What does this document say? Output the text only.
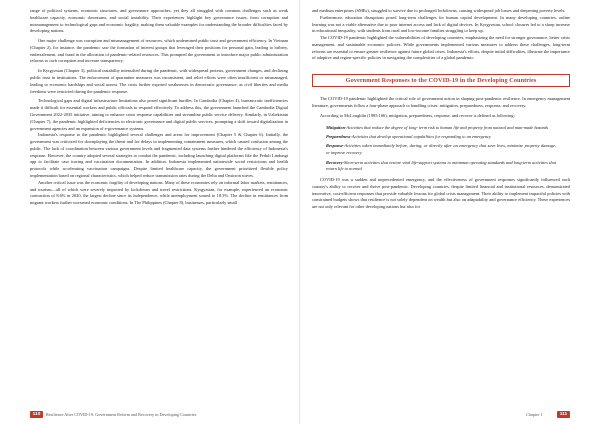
range of political systems, economic structures, and governance approaches, yet they all struggled with common challenges such as weak healthcare capacity, economic downturns, and social instability. Their experiences highlight key governance issues, from corruption and mismanagement to technological gaps and economic fragility, making them valuable examples for understanding the broader difficulties faced by developing nations.

One major challenge was corruption and mismanagement of resources, which undermined public trust and government efficiency. In Vietnam (Chapter 2), for instance, the pandemic saw the formation of interest groups that leveraged their positions for personal gain, leading to bribery, embezzlement, and fraud in the allocation of pandemic-related resources. This prompted the government to introduce major public administration reforms to curb corruption and increase transparency.

In Kyrgyzstan (Chapter 3), political instability intensified during the pandemic, with widespread protests, government changes, and declining public trust in institutions. The enforcement of quarantine measures was inconsistent, and relief efforts were often insufficient or mismanaged, leading to economic hardships and social unrest. The crisis further exposed weaknesses in democratic governance, as civil liberties and media freedoms were restricted during the pandemic response.

Technological gaps and digital infrastructure limitations also posed significant hurdles. In Cambodia (Chapter 4), bureaucratic inefficiencies made it difficult for essential workers and public officials to respond effectively. To address this, the government launched the Cambodia Digital Government 2022-2035 initiative, aiming to enhance crisis response capabilities and streamline public service delivery. Similarly, in Uzbekistan (Chapter 7), the pandemic highlighted deficiencies in electronic governance and digital public services, prompting a shift toward digitalization in government agencies and an expansion of e-governance systems.

Indonesia's response to the pandemic highlighted several challenges and areas for improvement (Chapter 5 & Chapter 6). Initially, the government was criticized for downplaying the threat and for delays in implementing containment measures, which caused confusion among the public. The lack of coordination between various government levels and fragmented data systems further hindered the efficiency of Indonesia's response. However, the country adopted several strategies to combat the pandemic, including launching digital platforms like the Peduli Lindungi app to facilitate case tracing and vaccination documentation. In addition, Indonesia implemented nationwide social restrictions and health protocols while accelerating vaccination campaigns. Despite limited healthcare capacity, the government prioritized flexible policy implementation based on regional characteristics, which helped reduce transmission rates during the Delta and Omicron waves.

Another critical issue was the economic fragility of developing nations. Many of these economies rely on informal labor markets, remittances, and tourism—all of which were severely impacted by lockdowns and travel restrictions. Kyrgyzstan, for example, experienced an economic contraction of 8.6% in 2020, the largest decline since its independence, while unemployment soared to 18.5%. The decline in remittances from migrant workers further worsened economic conditions. In The Philippines (Chapter 8), businesses, particularly small

and medium enterprises (SMEs), struggled to survive due to prolonged lockdowns, causing widespread job losses and deepening poverty levels.

Furthermore, education disruptions posed long-term challenges for human capital development. In many developing countries, online learning was not a viable alternative due to poor internet access and lack of digital devices. In Kyrgyzstan, school closures led to a sharp increase in educational inequality, with students from rural and low-income families struggling to keep up.

The COVID-19 pandemic highlighted the vulnerabilities of developing countries, emphasizing the need for stronger governance, better crisis management, and sustainable economic policies. While governments implemented various measures to address these challenges, long-term reforms are essential to ensure greater resilience against future global crises. Indonesia's efforts, despite initial difficulties, illustrate the importance of adaptive and region-specific policies in navigating the complexities of a global pandemic.

Government Responses to the COVID-19 in the Developing Countries

The COVID-19 pandemic highlighted the critical role of government action in shaping post-pandemic resilience. In emergency management literature, governments follow a four-phase approach to handling crises: mitigation, preparedness, response, and recovery.

According to McLoughlin (1985:166), mitigation, preparedness, response, and recover is defined as following;

Mitigation-Activities that reduce the degree of long- term risk to human life and property from natural and man-made hazards

Preparedness-Activities that develop operational capabilities for responding to an emergency

Response-Activities taken immediately before, during, or directly after an emergency that save lives, minimize property damage, or improve recovery

Recovery-Short-term activities that restore vital life-support systems to minimum operating standards and long-term activities that return life to normal

COVID-19 was a sudden and unprecedented emergency, and the effectiveness of government responses significantly influenced each country's ability to recover and thrive post-pandemic. Developing countries, despite limited financial and institutional resources, demonstrated innovative, cost-efficient responses that provide valuable lessons for global crisis management. Their ability to implement impactful policies with constrained budgets shows that resilience is not solely dependent on wealth but also on adaptability and governance efficiency. These experiences are not only relevant for other developing nations but also for

110	Resilience After COVID-19: Government Reform and Recovery in Developing Countries	Chapter 1	111
